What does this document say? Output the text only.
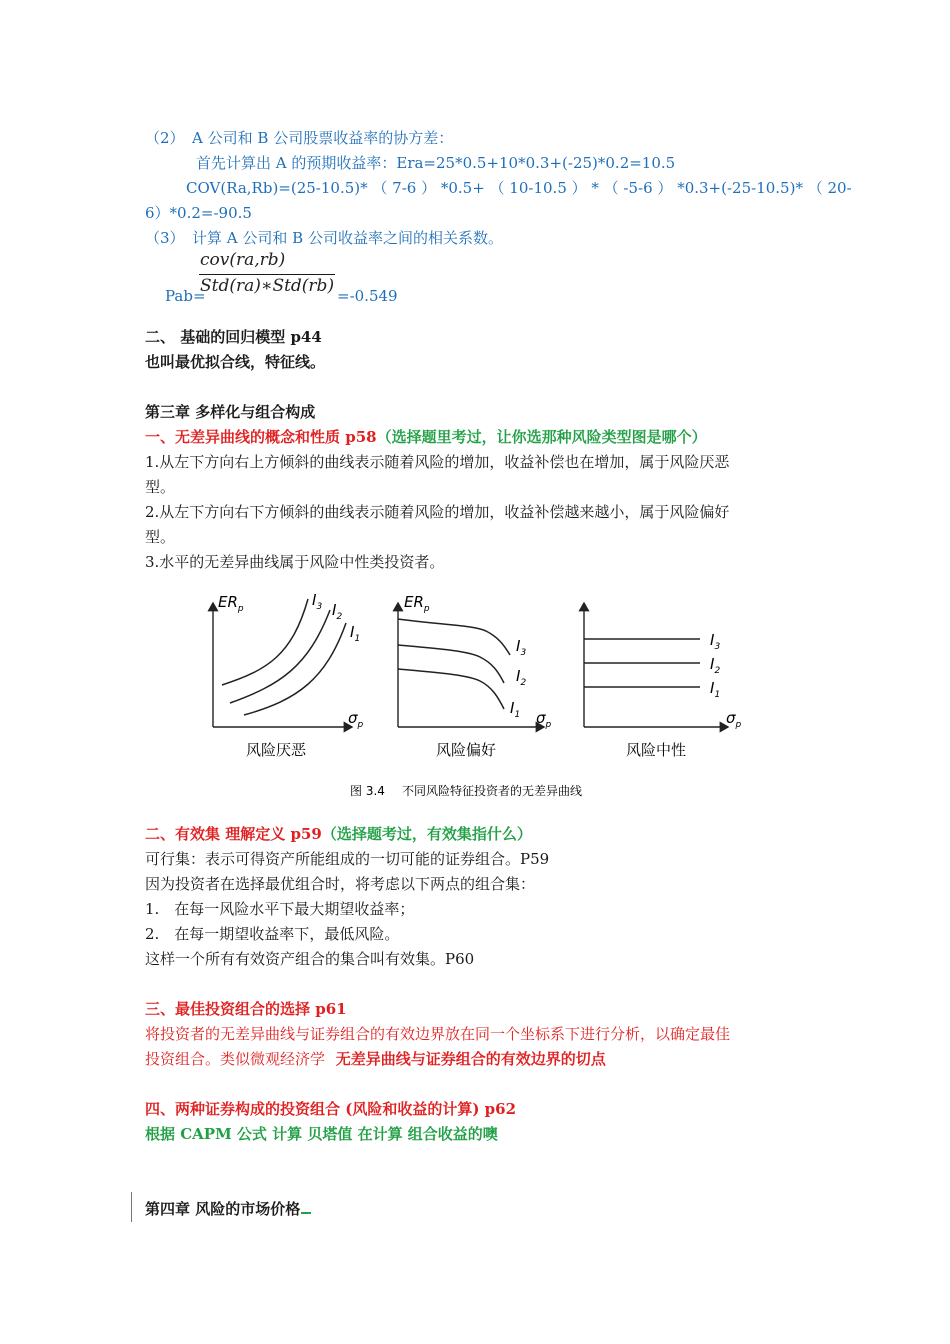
（2）　A 公司和 B 公司股票收益率的协方差：
首先计算出 A 的预期收益率：Era=25*0.5+10*0.3+(-25)*0.2=10.5
COV(Ra,Rb)=(25-10.5)* （ 7-6 ） *0.5+ （ 10-10.5 ） * （ -5-6 ） *0.3+(-25-10.5)* （ 20-
6）*0.2=-90.5
（3）　计算 A 公司和 B 公司收益率之间的相关系数。
Pab=
cov(ra,rb)
Std(ra)∗Std(rb) =-0.549
二、 基础的回归模型 p44
也叫最优拟合线，特征线。
第三章 多样化与组合构成
一、无差异曲线的概念和性质 p58（选择题里考过，让你选那种风险类型图是哪个）
1.从左下方向右上方倾斜的曲线表示随着风险的增加，收益补偿也在增加，属于风险厌恶
型。
2.从左下方向右下方倾斜的曲线表示随着风险的增加，收益补偿越来越小，属于风险偏好
型。
3.水平的无差异曲线属于风险中性类投资者。
$ER_p$
$\sigma_p$
$ER_p$
$\sigma_p$	$\sigma_p$
$I_3$ $I_2$
$I_1$	$I_3$
$I_2$
$I_1$
$I_3$
$I_2$
$I_1$
风险厌恶	风险偏好	风险中性
图 3.4 不同风险特征投资者的无差异曲线
二、有效集 理解定义 p59（选择题考过，有效集指什么）
可行集：表示可得资产所能组成的一切可能的证券组合。P59
因为投资者在选择最优组合时，将考虑以下两点的组合集：
1.　在每一风险水平下最大期望收益率；
2.　在每一期望收益率下，最低风险。
这样一个所有有效资产组合的集合叫有效集。P60
三、最佳投资组合的选择 p61
将投资者的无差异曲线与证券组合的有效边界放在同一个坐标系下进行分析，以确定最佳
投资组合。类似微观经济学 无差异曲线与证券组合的有效边界的切点
四、两种证券构成的投资组合 (风险和收益的计算) p62
根据 CAPM 公式 计算 贝塔值 在计算 组合收益的噢
第四章 风险的市场价格
